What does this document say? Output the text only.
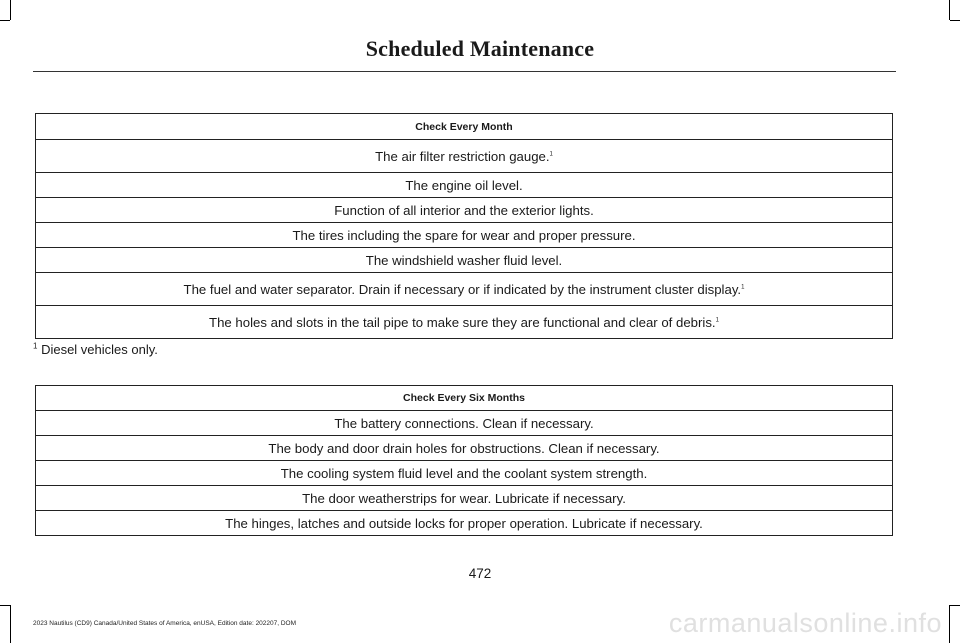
Scheduled Maintenance
Check Every Month
The air filter restriction gauge.$^1$
The engine oil level.
Function of all interior and the exterior lights.
The tires including the spare for wear and proper pressure.
The windshield washer fluid level.
The fuel and water separator. Drain if necessary or if indicated by the instrument cluster display.$^1$
The holes and slots in the tail pipe to make sure they are functional and clear of debris.$^1$
$^1$ Diesel vehicles only.
Check Every Six Months
The battery connections. Clean if necessary.
The body and door drain holes for obstructions. Clean if necessary.
The cooling system fluid level and the coolant system strength.
The door weatherstrips for wear. Lubricate if necessary.
The hinges, latches and outside locks for proper operation. Lubricate if necessary.
472
2023 Nautilus (CD9) Canada/United States of America, enUSA, Edition date: 202207, DOM	carmanualsonline.info
